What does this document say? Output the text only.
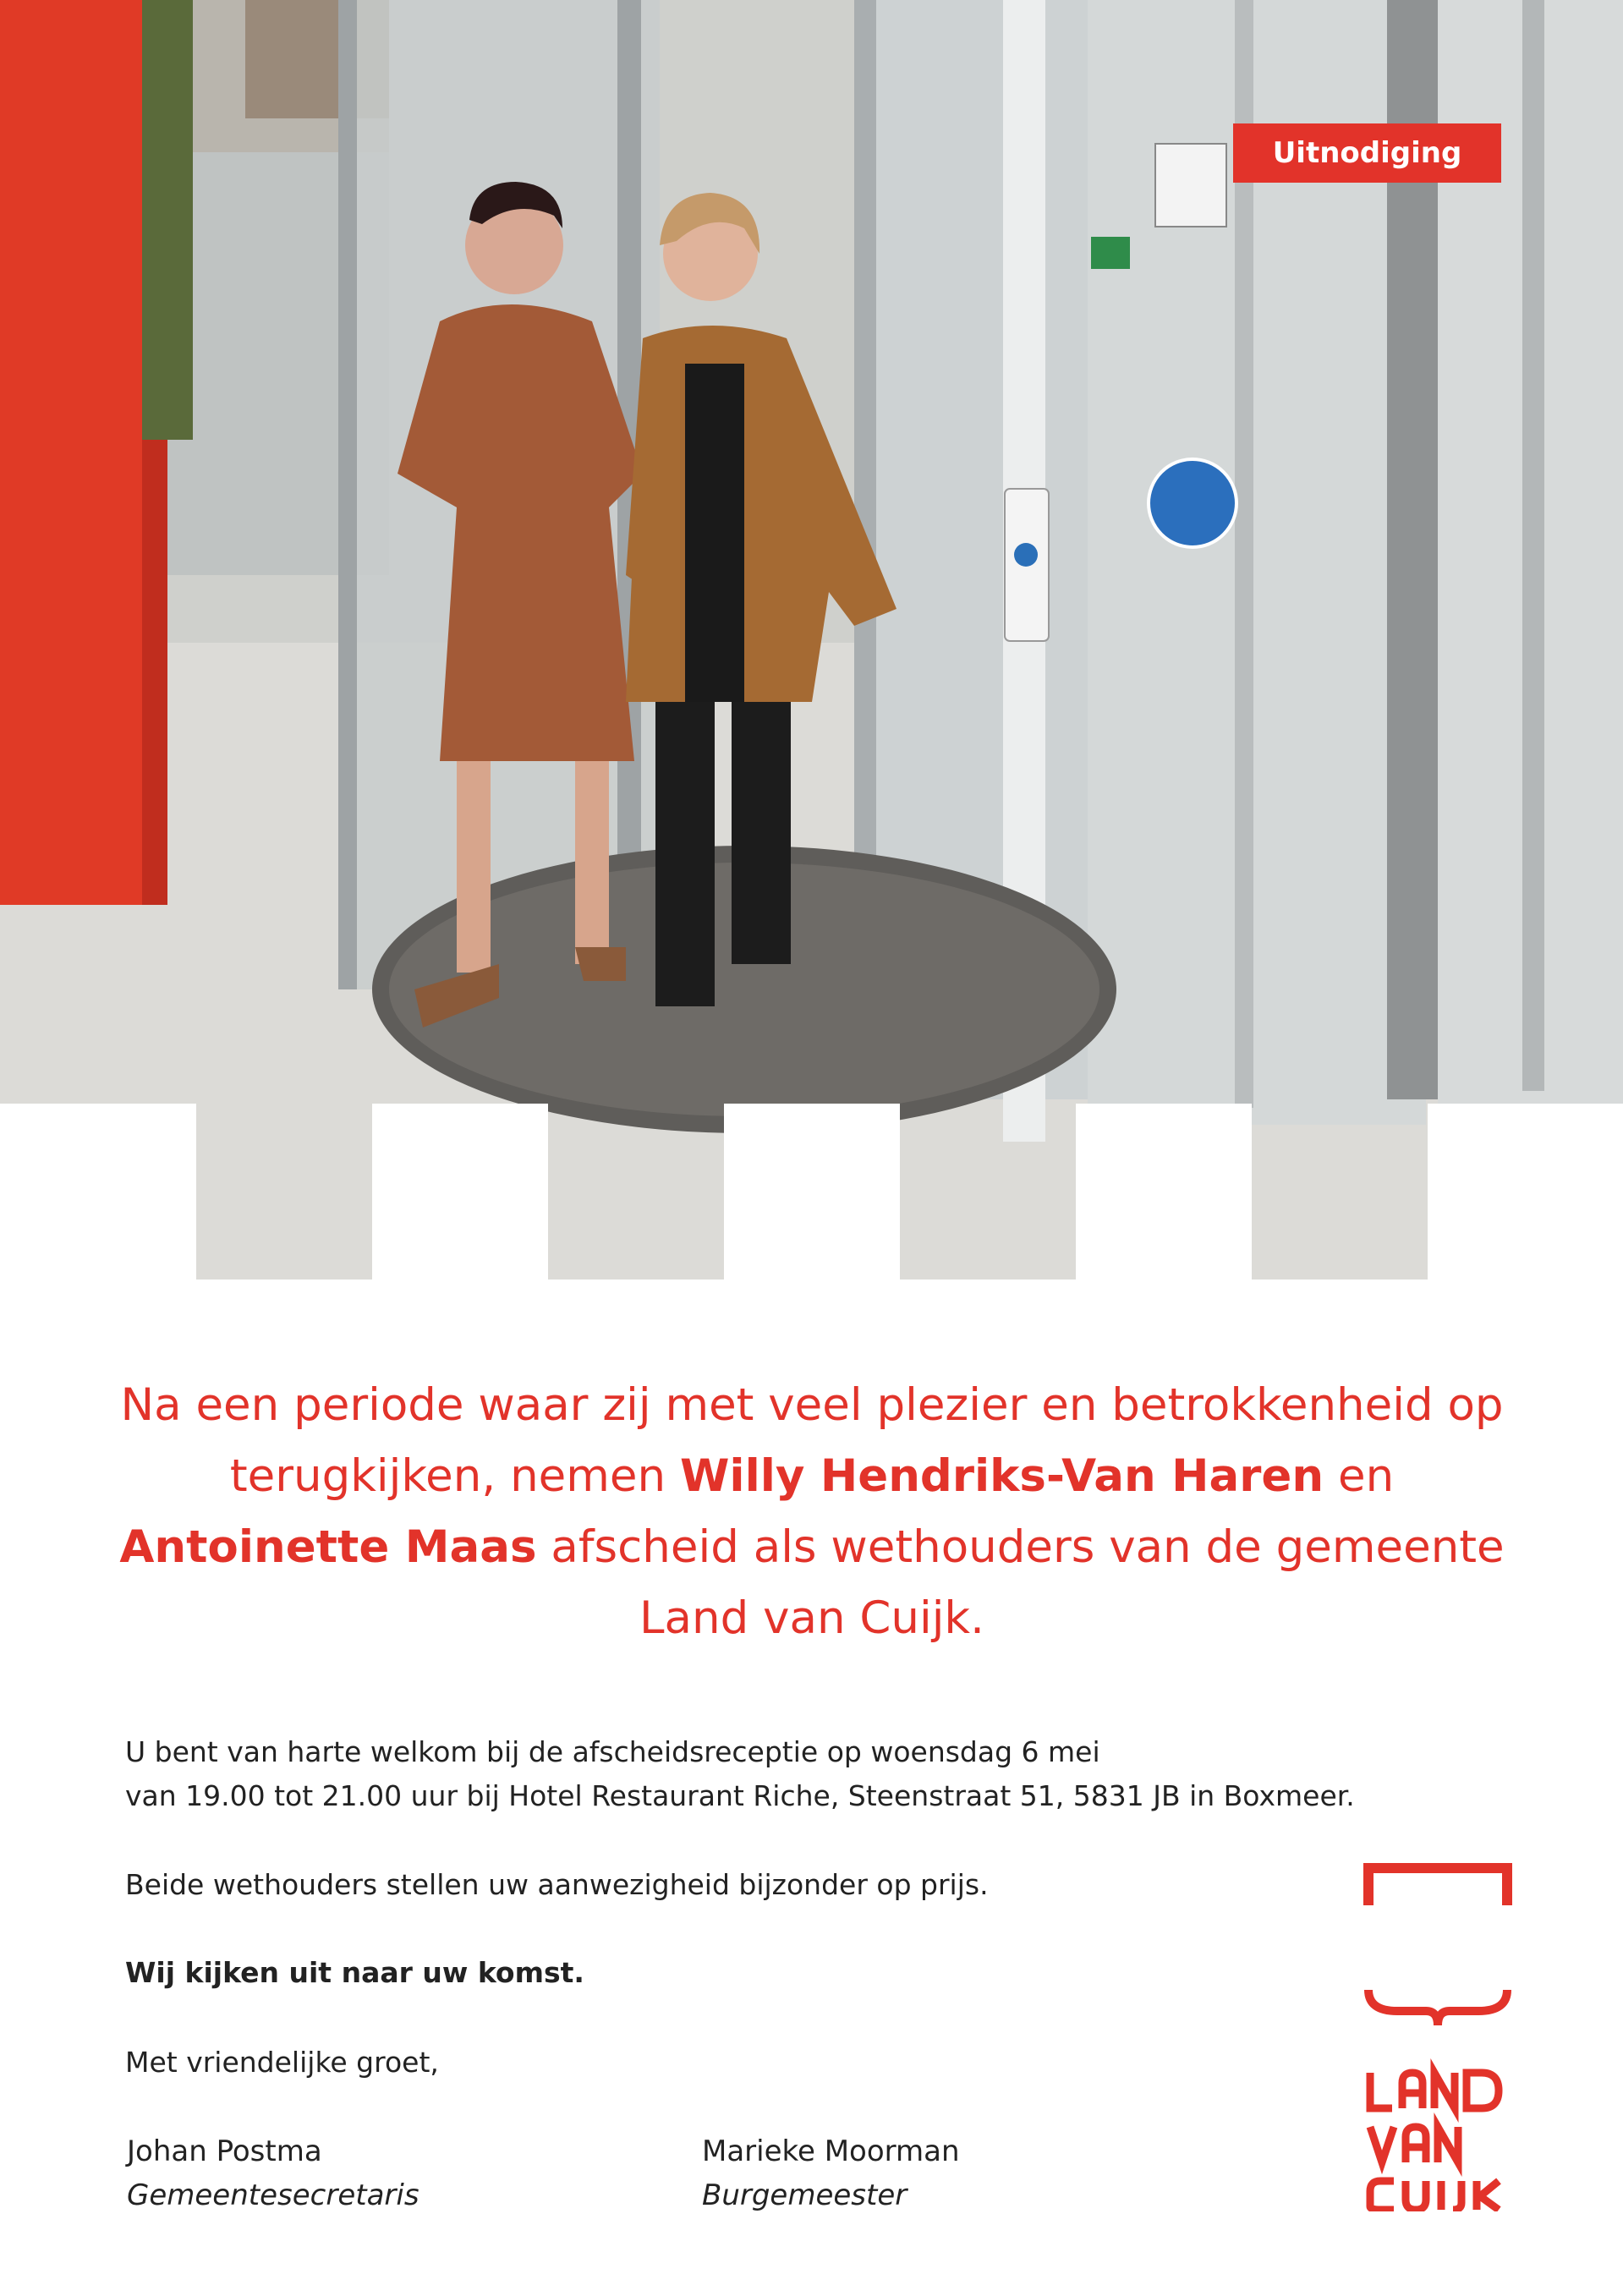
Uitnodiging
Na een periode waar zij met veel plezier en betrokkenheid op terugkijken, nemen Willy Hendriks-Van Haren en Antoinette Maas afscheid als wethouders van de gemeente Land van Cuijk.
U bent van harte welkom bij de afscheidsreceptie op woensdag 6 mei
van 19.00 tot 21.00 uur bij Hotel Restaurant Riche, Steenstraat 51, 5831 JB in Boxmeer.
Beide wethouders stellen uw aanwezigheid bijzonder op prijs.
Wij kijken uit naar uw komst.
Met vriendelijke groet,
Johan Postma
Gemeentesecretaris
Marieke Moorman
Burgemeester
